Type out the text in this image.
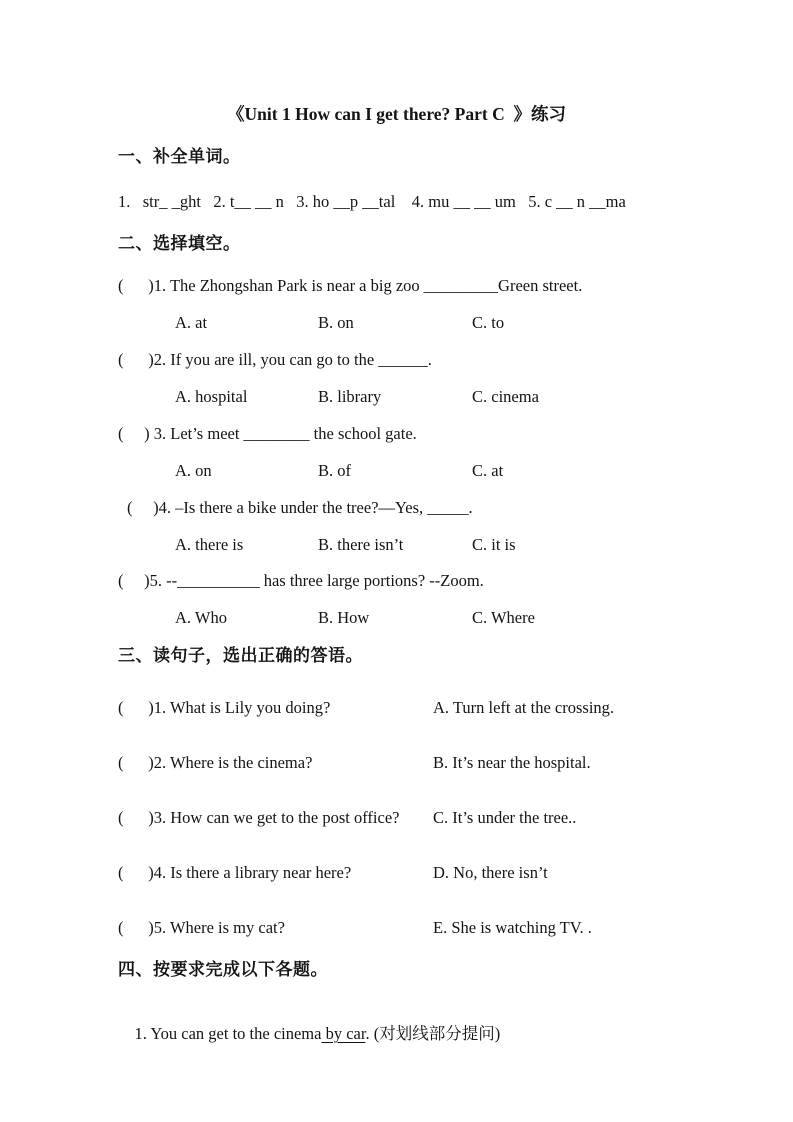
《Unit 1 How can I get there? Part C  》练习
一、补全单词。
1.   str_ _ght   2. t__ __ n   3. ho __p __tal    4. mu __ __ um   5. c __ n __ma
二、选择填空。
(      )1. The Zhongshan Park is near a big zoo _________Green street.
A. at	B. on	C. to
(      )2. If you are ill, you can go to the ______.
A. hospital	B. library	C. cinema
(     ) 3. Let’s meet ________ the school gate.
A. on	B. of	C. at
(     )4. –Is there a bike under the tree?—Yes, _____.
A. there is	B. there isn’t	C. it is
(     )5. --__________ has three large portions? --Zoom.
A. Who	B. How	C. Where
三、读句子，选出正确的答语。
(      )1. What is Lily you doing?	A. Turn left at the crossing.
(      )2. Where is the cinema?	B. It’s near the hospital.
(      )3. How can we get to the post office? C. It’s under the tree..
(      )4. Is there a library near here?	D. No, there isn’t
(      )5. Where is my cat?	E. She is watching TV. .
四、按要求完成以下各题。

1. You can get to the cinema by car. (对划线部分提问)
